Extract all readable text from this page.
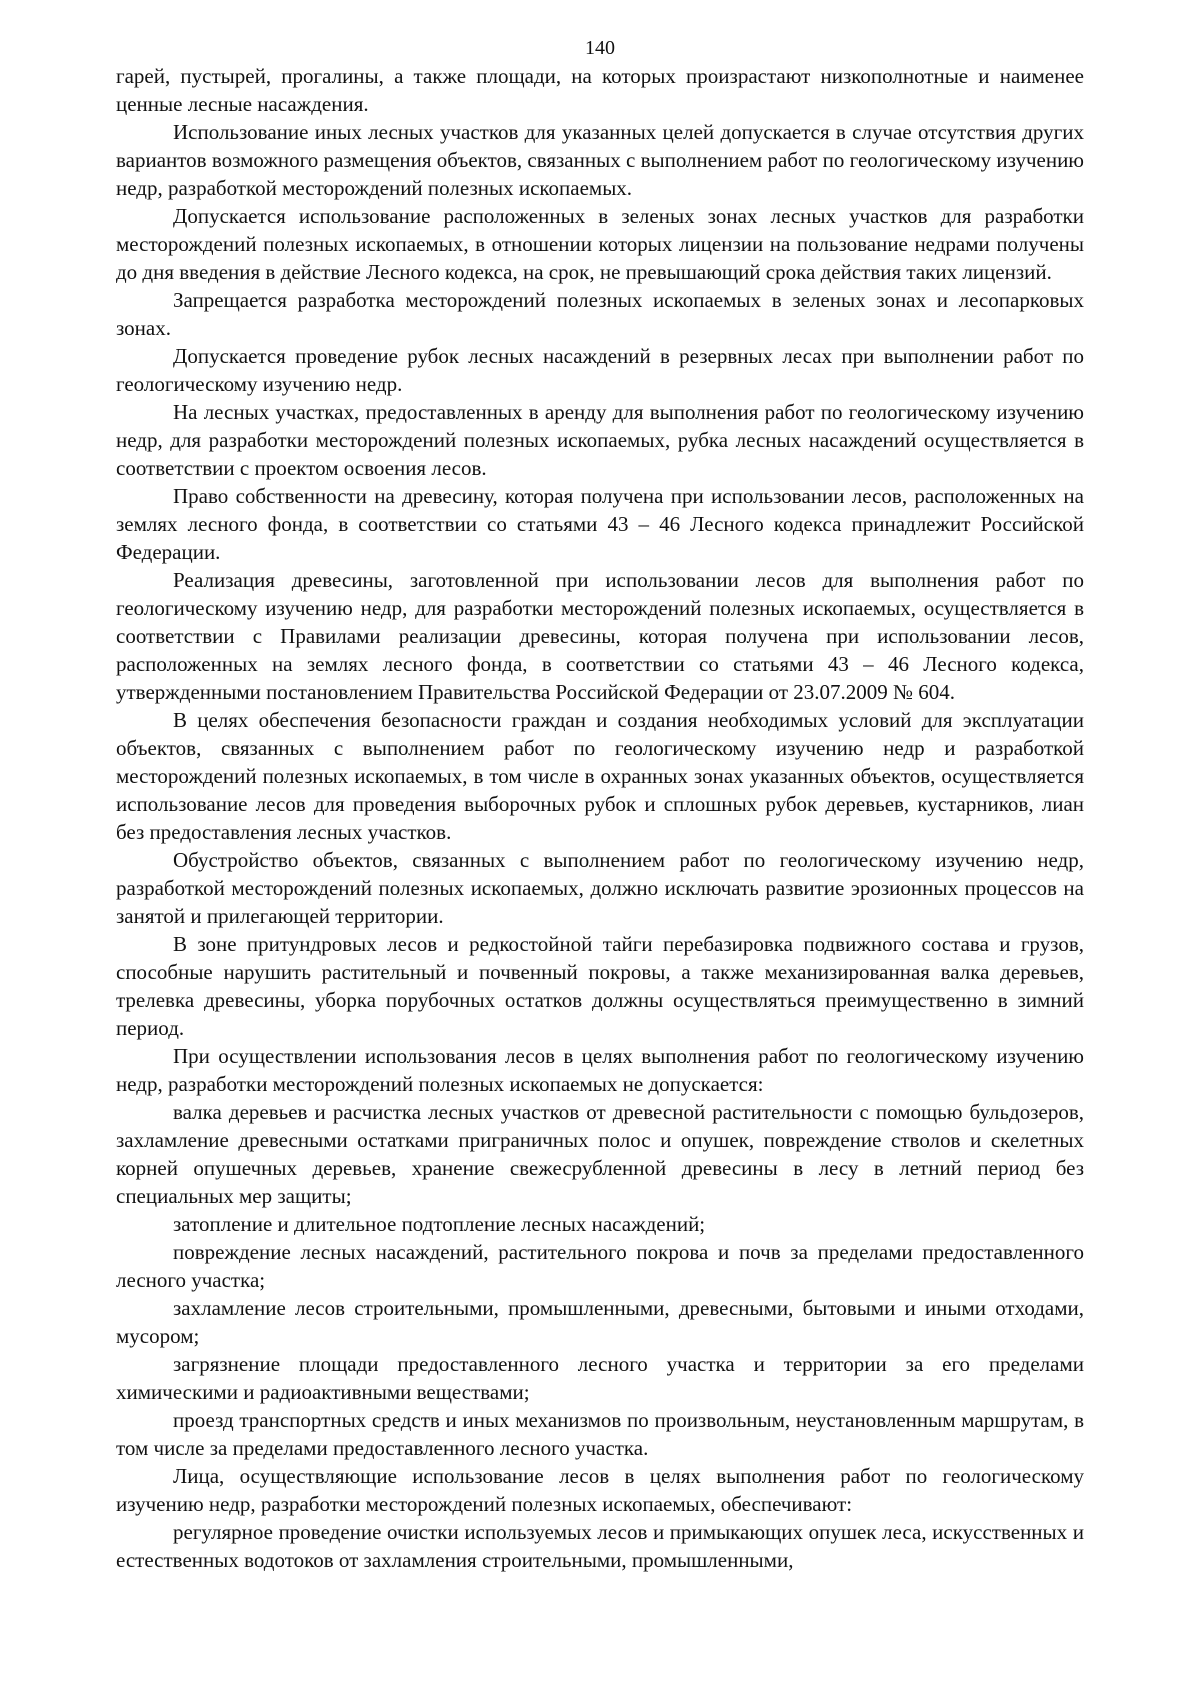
140

гарей, пустырей, прогалины, а также площади, на которых произрастают низкополнотные и наименее ценные лесные насаждения.

Использование иных лесных участков для указанных целей допускается в случае отсутствия других вариантов возможного размещения объектов, связанных с выполнением работ по геологическому изучению недр, разработкой месторождений полезных ископаемых.

Допускается использование расположенных в зеленых зонах лесных участков для разработки месторождений полезных ископаемых, в отношении которых лицензии на пользование недрами получены до дня введения в действие Лесного кодекса, на срок, не превышающий срока действия таких лицензий.

Запрещается разработка месторождений полезных ископаемых в зеленых зонах и лесопарковых зонах.

Допускается проведение рубок лесных насаждений в резервных лесах при выполнении работ по геологическому изучению недр.

На лесных участках, предоставленных в аренду для выполнения работ по геологическому изучению недр, для разработки месторождений полезных ископаемых, рубка лесных насаждений осуществляется в соответствии с проектом освоения лесов.

Право собственности на древесину, которая получена при использовании лесов, расположенных на землях лесного фонда, в соответствии со статьями 43 – 46 Лесного кодекса принадлежит Российской Федерации.

Реализация древесины, заготовленной при использовании лесов для выполнения работ по геологическому изучению недр, для разработки месторождений полезных ископаемых, осуществляется в соответствии с Правилами реализации древесины, которая получена при использовании лесов, расположенных на землях лесного фонда, в соответствии со статьями 43 – 46 Лесного кодекса, утвержденными постановлением Правительства Российской Федерации от 23.07.2009 № 604.

В целях обеспечения безопасности граждан и создания необходимых условий для эксплуатации объектов, связанных с выполнением работ по геологическому изучению недр и разработкой месторождений полезных ископаемых, в том числе в охранных зонах указанных объектов, осуществляется использование лесов для проведения выборочных рубок и сплошных рубок деревьев, кустарников, лиан без предоставления лесных участков.

Обустройство объектов, связанных с выполнением работ по геологическому изучению недр, разработкой месторождений полезных ископаемых, должно исключать развитие эрозионных процессов на занятой и прилегающей территории.

В зоне притундровых лесов и редкостойной тайги перебазировка подвижного состава и грузов, способные нарушить растительный и почвенный покровы, а также механизированная валка деревьев, трелевка древесины, уборка порубочных остатков должны осуществляться преимущественно в зимний период.

При осуществлении использования лесов в целях выполнения работ по геологическому изучению недр, разработки месторождений полезных ископаемых не допускается:

валка деревьев и расчистка лесных участков от древесной растительности с помощью бульдозеров, захламление древесными остатками приграничных полос и опушек, повреждение стволов и скелетных корней опушечных деревьев, хранение свежесрубленной древесины в лесу в летний период без специальных мер защиты;

затопление и длительное подтопление лесных насаждений;

повреждение лесных насаждений, растительного покрова и почв за пределами предоставленного лесного участка;

захламление лесов строительными, промышленными, древесными, бытовыми и иными отходами, мусором;

загрязнение площади предоставленного лесного участка и территории за его пределами химическими и радиоактивными веществами;

проезд транспортных средств и иных механизмов по произвольным, неустановленным маршрутам, в том числе за пределами предоставленного лесного участка.

Лица, осуществляющие использование лесов в целях выполнения работ по геологическому изучению недр, разработки месторождений полезных ископаемых, обеспечивают:

регулярное проведение очистки используемых лесов и примыкающих опушек леса, искусственных и естественных водотоков от захламления строительными, промышленными,
